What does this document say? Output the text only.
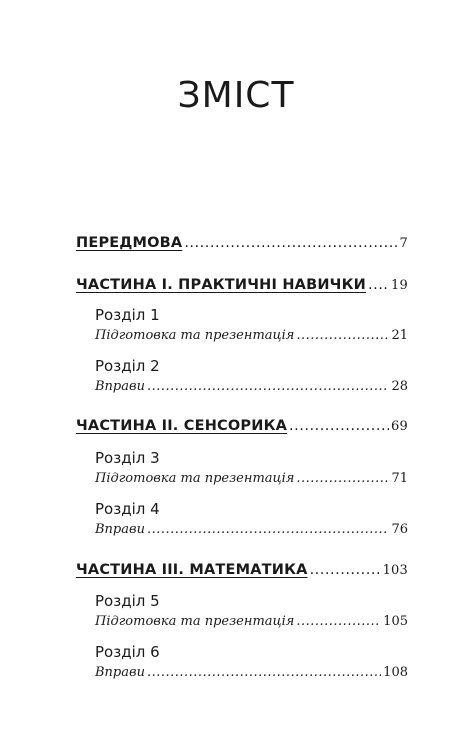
ЗМІСТ
ПЕРЕДМОВА .....	7
ЧАСТИНА І. ПРАКТИЧНІ НАВИЧКИ ..... 19
Розділ 1
Підготовка та презентація .....	21
Розділ 2
Вправи .....	28
ЧАСТИНА ІІ. СЕНСОРИКА .....	69
Розділ 3
Підготовка та презентація .....	71
Розділ 4
Вправи .....	76
ЧАСТИНА ІІІ. МАТЕМАТИКА .....	103
Розділ 5
Підготовка та презентація .....	105
Розділ 6
Вправи .....	108
